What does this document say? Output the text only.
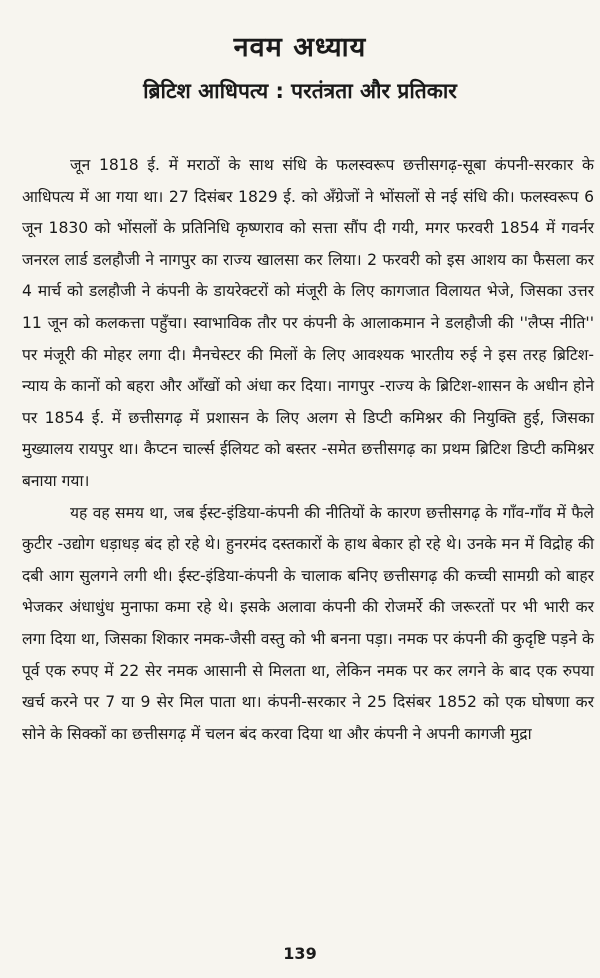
नवम अध्याय
ब्रिटिश आधिपत्य : परतंत्रता और प्रतिकार

जून 1818 ई. में मराठों के साथ संधि के फलस्वरूप छत्तीसगढ़-सूबा कंपनी-सरकार के आधिपत्य में आ गया था। 27 दिसंबर 1829 ई. को अँग्रेजों ने भोंसलों से नई संधि की। फलस्वरूप 6 जून 1830 को भोंसलों के प्रतिनिधि कृष्णराव को सत्ता सौंप दी गयी, मगर फरवरी 1854 में गवर्नर जनरल लार्ड डलहौजी ने नागपुर का राज्य खालसा कर लिया। 2 फरवरी को इस आशय का फैसला कर 4 मार्च को डलहौजी ने कंपनी के डायरेक्टरों को मंजूरी के लिए कागजात विलायत भेजे, जिसका उत्तर 11 जून को कलकत्ता पहुँचा। स्वाभाविक तौर पर कंपनी के आलाकमान ने डलहौजी की ''लैप्स नीति'' पर मंजूरी की मोहर लगा दी। मैनचेस्टर की मिलों के लिए आवश्यक भारतीय रुई ने इस तरह ब्रिटिश-न्याय के कानों को बहरा और आँखों को अंधा कर दिया। नागपुर -राज्य के ब्रिटिश-शासन के अधीन होने पर 1854 ई. में छत्तीसगढ़ में प्रशासन के लिए अलग से डिप्टी कमिश्नर की नियुक्ति हुई, जिसका मुख्यालय रायपुर था। कैप्टन चार्ल्स ईलियट को बस्तर -समेत छत्तीसगढ़ का प्रथम ब्रिटिश डिप्टी कमिश्नर बनाया गया।

यह वह समय था, जब ईस्ट-इंडिया-कंपनी की नीतियों के कारण छत्तीसगढ़ के गाँव-गाँव में फैले कुटीर -उद्योग धड़ाधड़ बंद हो रहे थे। हुनरमंद दस्तकारों के हाथ बेकार हो रहे थे। उनके मन में विद्रोह की दबी आग सुलगने लगी थी। ईस्ट-इंडिया-कंपनी के चालाक बनिए छत्तीसगढ़ की कच्ची सामग्री को बाहर भेजकर अंधाधुंध मुनाफा कमा रहे थे। इसके अलावा कंपनी की रोजमर्रे की जरूरतों पर भी भारी कर लगा दिया था, जिसका शिकार नमक-जैसी वस्तु को भी बनना पड़ा। नमक पर कंपनी की कुदृष्टि पड़ने के पूर्व एक रुपए में 22 सेर नमक आसानी से मिलता था, लेकिन नमक पर कर लगने के बाद एक रुपया खर्च करने पर 7 या 9 सेर मिल पाता था। कंपनी-सरकार ने 25 दिसंबर 1852 को एक घोषणा कर सोने के सिक्कों का छत्तीसगढ़ में चलन बंद करवा दिया था और कंपनी ने अपनी कागजी मुद्रा

139
